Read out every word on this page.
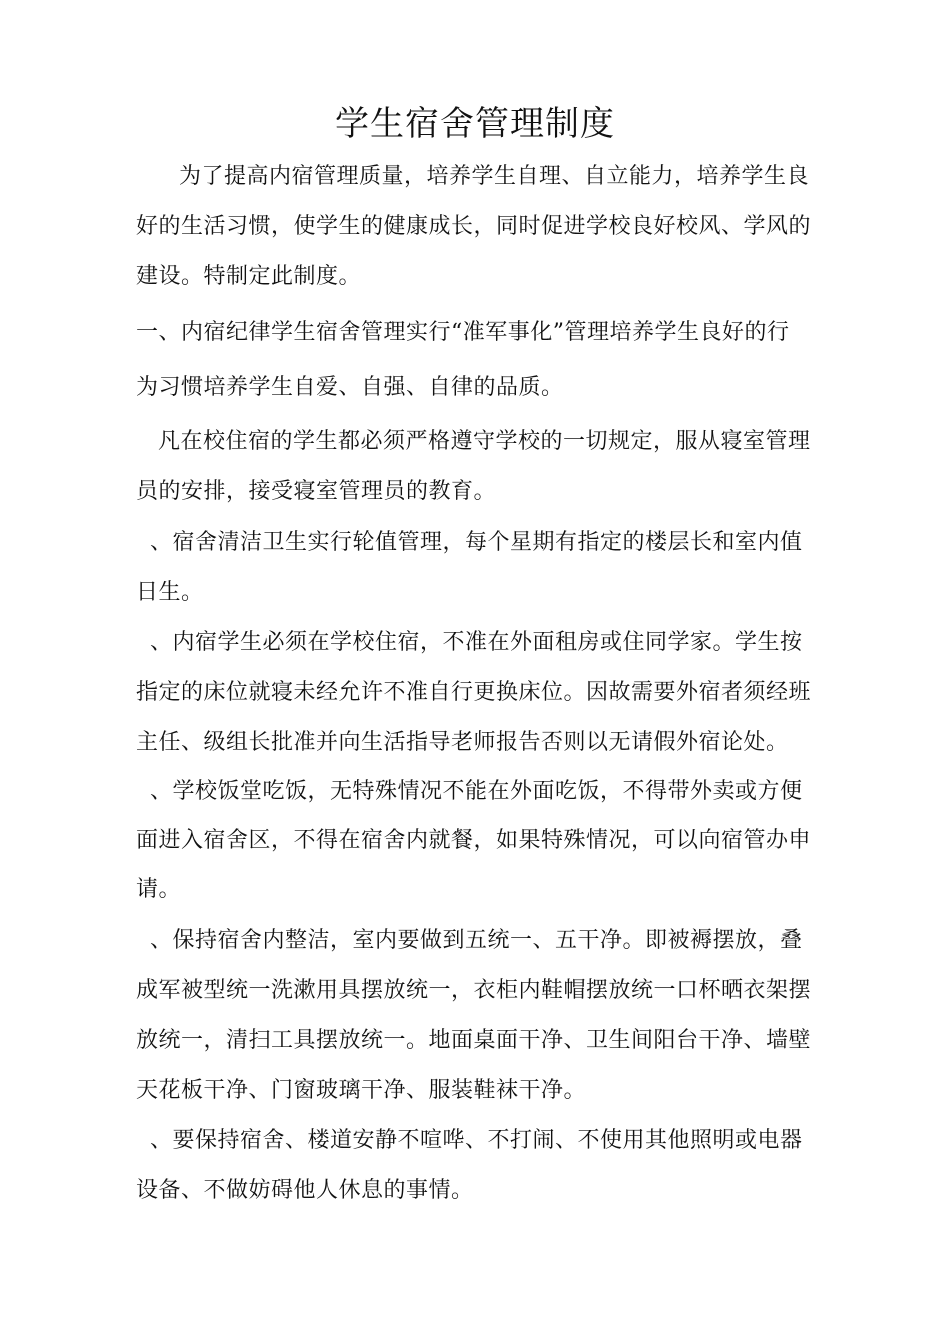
学生宿舍管理制度
为了提高内宿管理质量，培养学生自理、自立能力，培养学生良
好的生活习惯，使学生的健康成长，同时促进学校良好校风、学风的
建设。特制定此制度。
一、内宿纪律学生宿舍管理实行“准军事化”管理培养学生良好的行
为习惯培养学生自爱、自强、自律的品质。
凡在校住宿的学生都必须严格遵守学校的一切规定，服从寝室管理
员的安排，接受寝室管理员的教育。
、宿舍清洁卫生实行轮值管理，每个星期有指定的楼层长和室内值
日生。
、内宿学生必须在学校住宿，不准在外面租房或住同学家。学生按
指定的床位就寝未经允许不准自行更换床位。因故需要外宿者须经班
主任、级组长批准并向生活指导老师报告否则以无请假外宿论处。
、学校饭堂吃饭，无特殊情况不能在外面吃饭，不得带外卖或方便
面进入宿舍区，不得在宿舍内就餐，如果特殊情况，可以向宿管办申
请。
、保持宿舍内整洁，室内要做到五统一、五干净。即被褥摆放，叠
成军被型统一洗漱用具摆放统一，衣柜内鞋帽摆放统一口杯晒衣架摆
放统一，清扫工具摆放统一。地面桌面干净、卫生间阳台干净、墙壁
天花板干净、门窗玻璃干净、服装鞋袜干净。
、要保持宿舍、楼道安静不喧哗、不打闹、不使用其他照明或电器
设备、不做妨碍他人休息的事情。
